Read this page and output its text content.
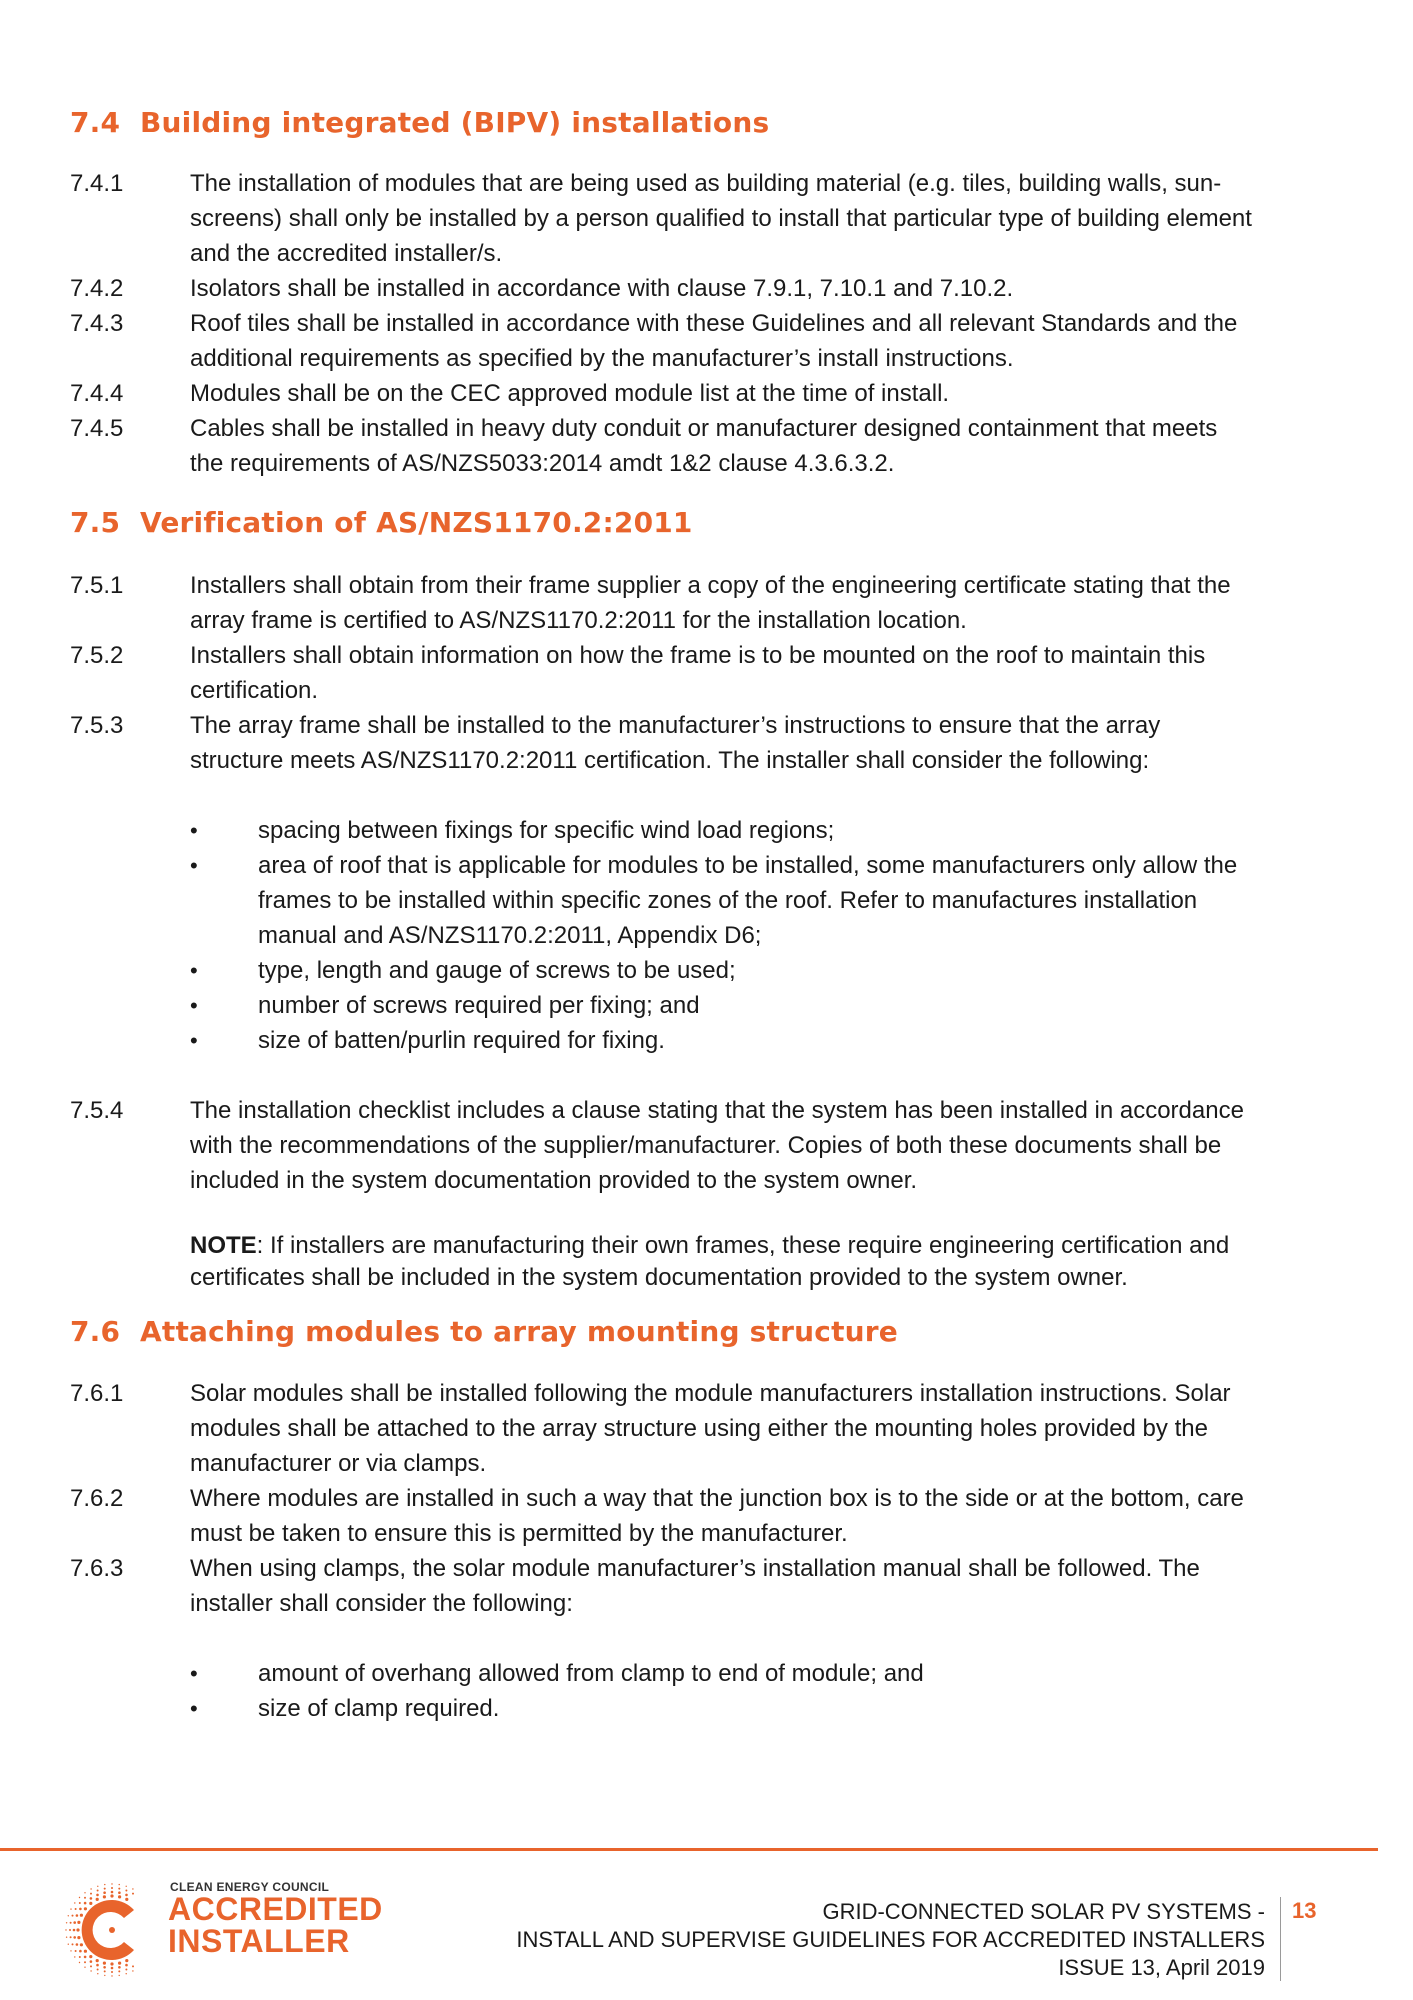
7.4 Building integrated (BIPV) installations
7.4.1	The installation of modules that are being used as building material (e.g. tiles, building walls, sun-
screens) shall only be installed by a person qualified to install that particular type of building element
and the accredited installer/s.
7.4.2	Isolators shall be installed in accordance with clause 7.9.1, 7.10.1 and 7.10.2.
7.4.3	Roof tiles shall be installed in accordance with these Guidelines and all relevant Standards and the
additional requirements as specified by the manufacturer’s install instructions.
7.4.4	Modules shall be on the CEC approved module list at the time of install.
7.4.5	Cables shall be installed in heavy duty conduit or manufacturer designed containment that meets
the requirements of AS/NZS5033:2014 amdt 1&2 clause 4.3.6.3.2.
7.5 Verification of AS/NZS1170.2:2011
7.5.1	Installers shall obtain from their frame supplier a copy of the engineering certificate stating that the
array frame is certified to AS/NZS1170.2:2011 for the installation location.
7.5.2	Installers shall obtain information on how the frame is to be mounted on the roof to maintain this
certification.
7.5.3	The array frame shall be installed to the manufacturer’s instructions to ensure that the array
structure meets AS/NZS1170.2:2011 certification. The installer shall consider the following:
•	spacing between fixings for specific wind load regions;
•	area of roof that is applicable for modules to be installed, some manufacturers only allow the
frames to be installed within specific zones of the roof. Refer to manufactures installation
manual and AS/NZS1170.2:2011, Appendix D6;
•	type, length and gauge of screws to be used;
•	number of screws required per fixing; and
•	size of batten/purlin required for fixing.
7.5.4	The installation checklist includes a clause stating that the system has been installed in accordance
with the recommendations of the supplier/manufacturer. Copies of both these documents shall be
included in the system documentation provided to the system owner.
NOTE: If installers are manufacturing their own frames, these require engineering certification and
certificates shall be included in the system documentation provided to the system owner.
7.6 Attaching modules to array mounting structure
7.6.1	Solar modules shall be installed following the module manufacturers installation instructions. Solar
modules shall be attached to the array structure using either the mounting holes provided by the
manufacturer or via clamps.
7.6.2	Where modules are installed in such a way that the junction box is to the side or at the bottom, care
must be taken to ensure this is permitted by the manufacturer.
7.6.3	When using clamps, the solar module manufacturer’s installation manual shall be followed. The
installer shall consider the following:
•	amount of overhang allowed from clamp to end of module; and
•	size of clamp required.
CLEAN ENERGY COUNCIL
ACCREDITED
INSTALLER
GRID-CONNECTED SOLAR PV SYSTEMS -
INSTALL AND SUPERVISE GUIDELINES FOR ACCREDITED INSTALLERS
ISSUE 13, April 2019
13
